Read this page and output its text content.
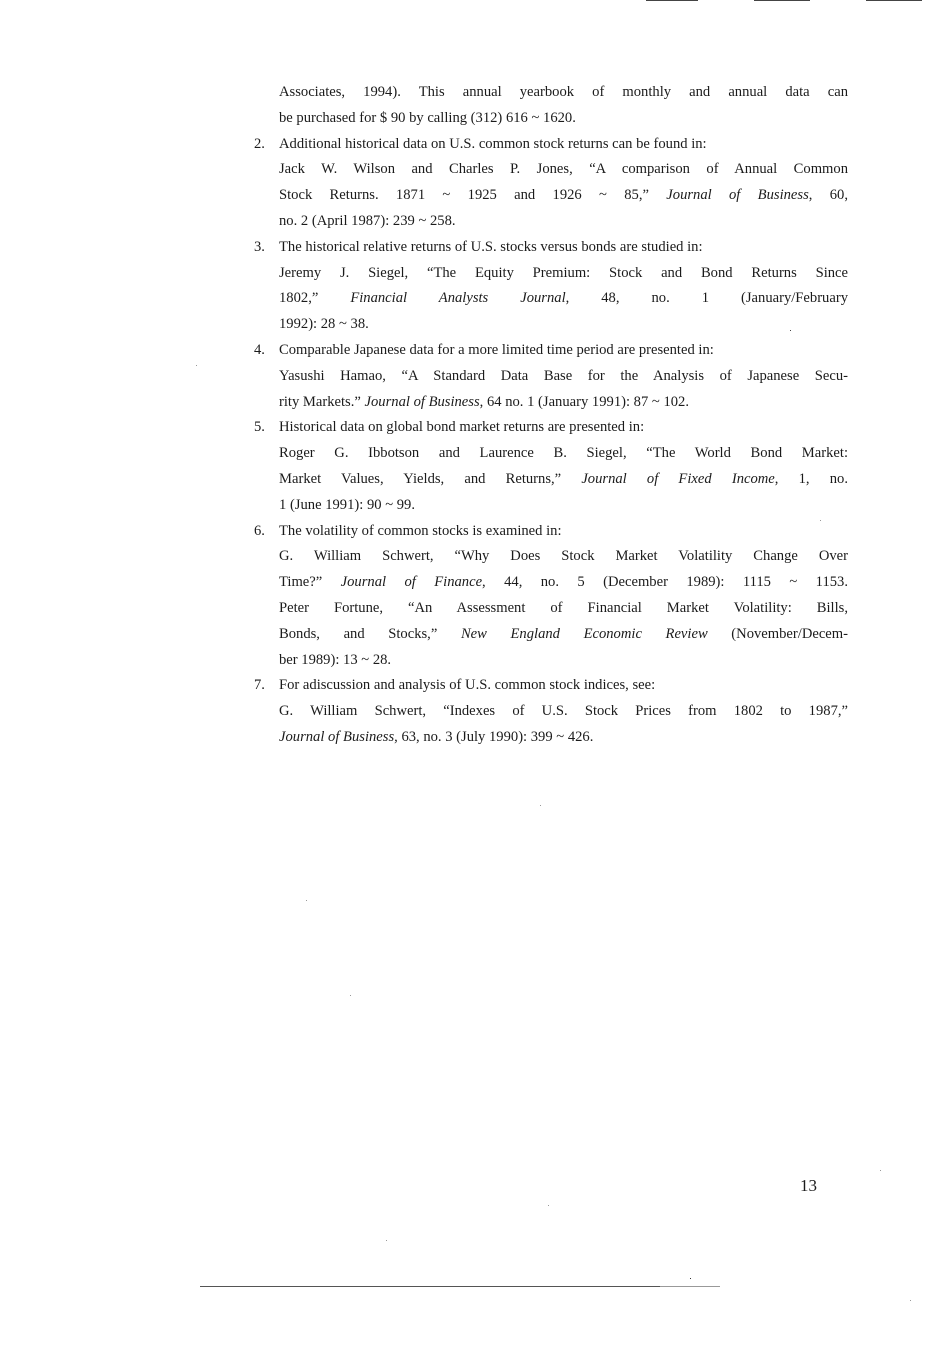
Associates, 1994). This annual yearbook of monthly and annual data can
be purchased for $ 90 by calling (312) 616 ~ 1620.
2. Additional historical data on U.S. common stock returns can be found in:
Jack W. Wilson and Charles P. Jones, “A comparison of Annual Common
Stock Returns. 1871 ~ 1925 and 1926 ~ 85,” Journal of Business, 60,
no. 2 (April 1987): 239 ~ 258.
3. The historical relative returns of U.S. stocks versus bonds are studied in:
Jeremy J. Siegel, “The Equity Premium: Stock and Bond Returns Since
1802,” Financial Analysts Journal, 48, no. 1 (January/February
1992): 28 ~ 38.
4. Comparable Japanese data for a more limited time period are presented in:
Yasushi Hamao, “A Standard Data Base for the Analysis of Japanese Secu-
rity Markets.” Journal of Business, 64 no. 1 (January 1991): 87 ~ 102.
5. Historical data on global bond market returns are presented in:
Roger G. Ibbotson and Laurence B. Siegel, “The World Bond Market:
Market Values, Yields, and Returns,” Journal of Fixed Income, 1, no.
1 (June 1991): 90 ~ 99.
6. The volatility of common stocks is examined in:
G. William Schwert, “Why Does Stock Market Volatility Change Over
Time?” Journal of Finance, 44, no. 5 (December 1989): 1115 ~ 1153.
Peter Fortune, “An Assessment of Financial Market Volatility: Bills,
Bonds, and Stocks,” New England Economic Review (November/Decem-
ber 1989): 13 ~ 28.
7. For adiscussion and analysis of U.S. common stock indices, see:
G. William Schwert, “Indexes of U.S. Stock Prices from 1802 to 1987,”
Journal of Business, 63, no. 3 (July 1990): 399 ~ 426.
13
